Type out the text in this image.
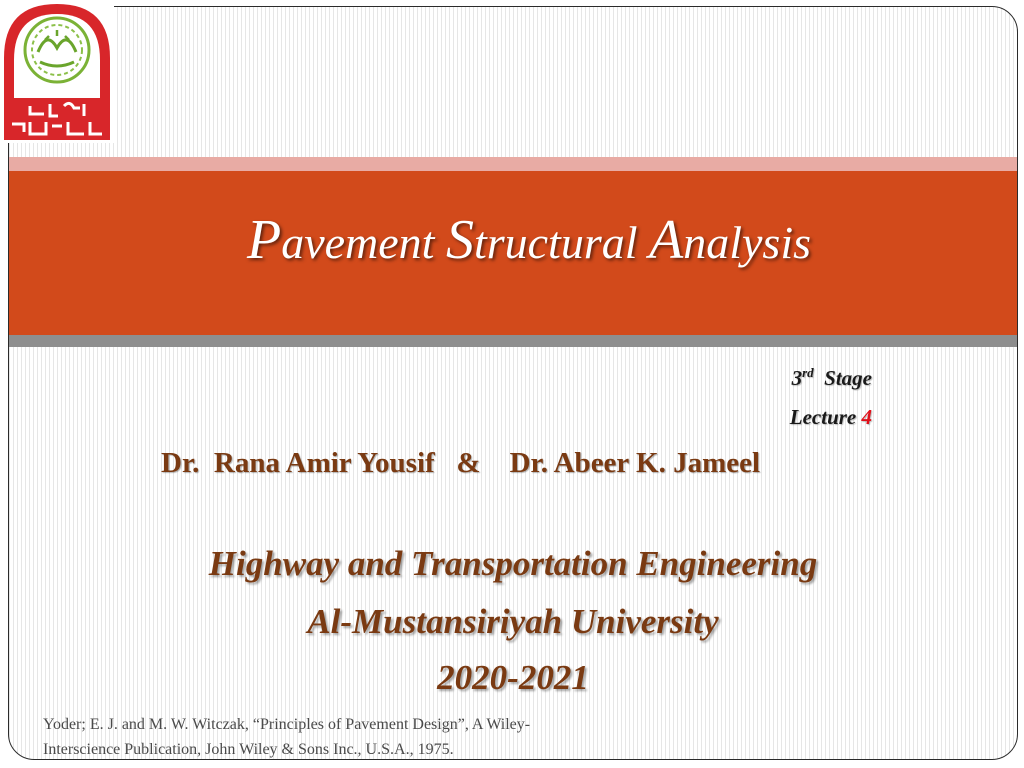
Pavement Structural Analysis
3rd Stage
Lecture 4
Dr.  Rana Amir Yousif   &    Dr. Abeer K. Jameel
Highway and Transportation Engineering
Al-Mustansiriyah University
2020-2021
Yoder; E. J. and M. W. Witczak, “Principles of Pavement Design”, A Wiley-
Interscience Publication, John Wiley & Sons Inc., U.S.A., 1975.
